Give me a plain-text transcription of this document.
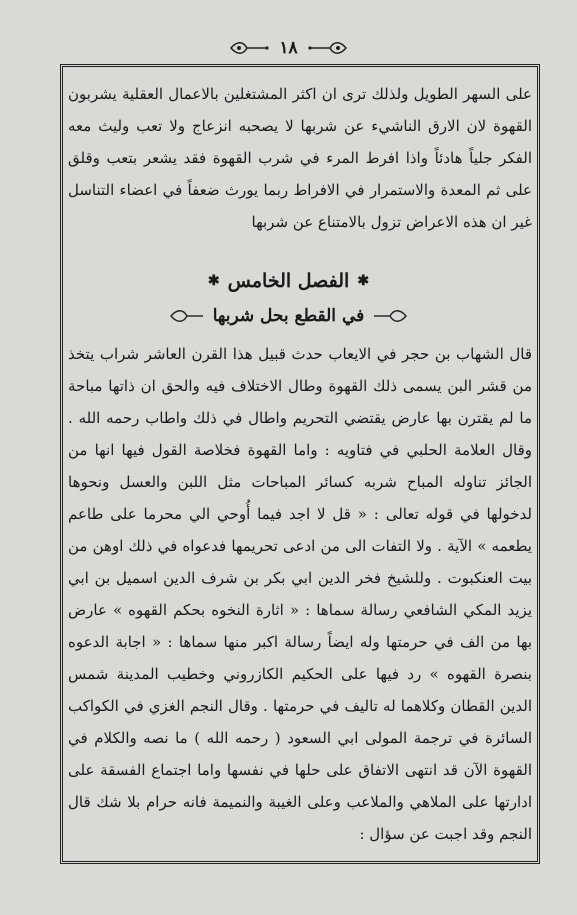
١٨

على السهر الطويل ولذلك ترى ان اكثر المشتغلين بالاعمال العقلية يشربون القهوة لان الارق الناشيء عن شربها لا يصحبه انزعاج ولا تعب وليث معه الفكر جلياً هادئاً واذا افرط المرء في شرب القهوة فقد يشعر بتعب وقلق على ثم المعدة والاستمرار في الافراط ربما يورث ضعفاً في اعضاء التناسل غير ان هذه الاعراض تزول بالامتناع عن شربها

✱
الفصل الخامس
✱
في القطع بحل شربها

قال الشهاب بن حجر في الايعاب حدث قبيل هذا القرن العاشر شراب يتخذ من قشر البن يسمى ذلك القهوة وطال الاختلاف فيه والحق ان ذاتها مباحة ما لم يقترن بها عارض يقتضي التحريم واطال في ذلك واطاب رحمه الله . وقال العلامة الحلبي في فتاويه : واما القهوة فخلاصة القول فيها انها من الجائز تناوله المباح شربه كسائر المباحات مثل اللبن والعسل ونحوها لدخولها في قوله تعالى : « قل لا اجد فيما أُوحي الي محرما على طاعم يطعمه » الآية . ولا التفات الى من ادعى تحريمها فدعواه في ذلك اوهن من بيت العنكبوت . وللشيخ فخر الدين ابي بكر بن شرف الدين اسميل بن ابي يزيد المكي الشافعي رسالة سماها : « اثارة النخوه بحكم القهوه » عارض بها من الف في حرمتها وله ايضاً رسالة اكبر منها سماها : « اجابة الدعوه بنصرة القهوه » رد فيها على الحكيم الكازروني وخطيب المدينة شمس الدين القطان وكلاهما له تاليف في حرمتها . وقال النجم الغزي في الكواكب السائرة في ترجمة المولى ابي السعود ( رحمه الله ) ما نصه والكلام في القهوة الآن قد انتهى الاتفاق على حلها في نفسها واما اجتماع الفسقة على ادارتها على الملاهي والملاعب وعلى الغيبة والنميمة فانه حرام بلا شك قال النجم وقد اجبت عن سؤال :
